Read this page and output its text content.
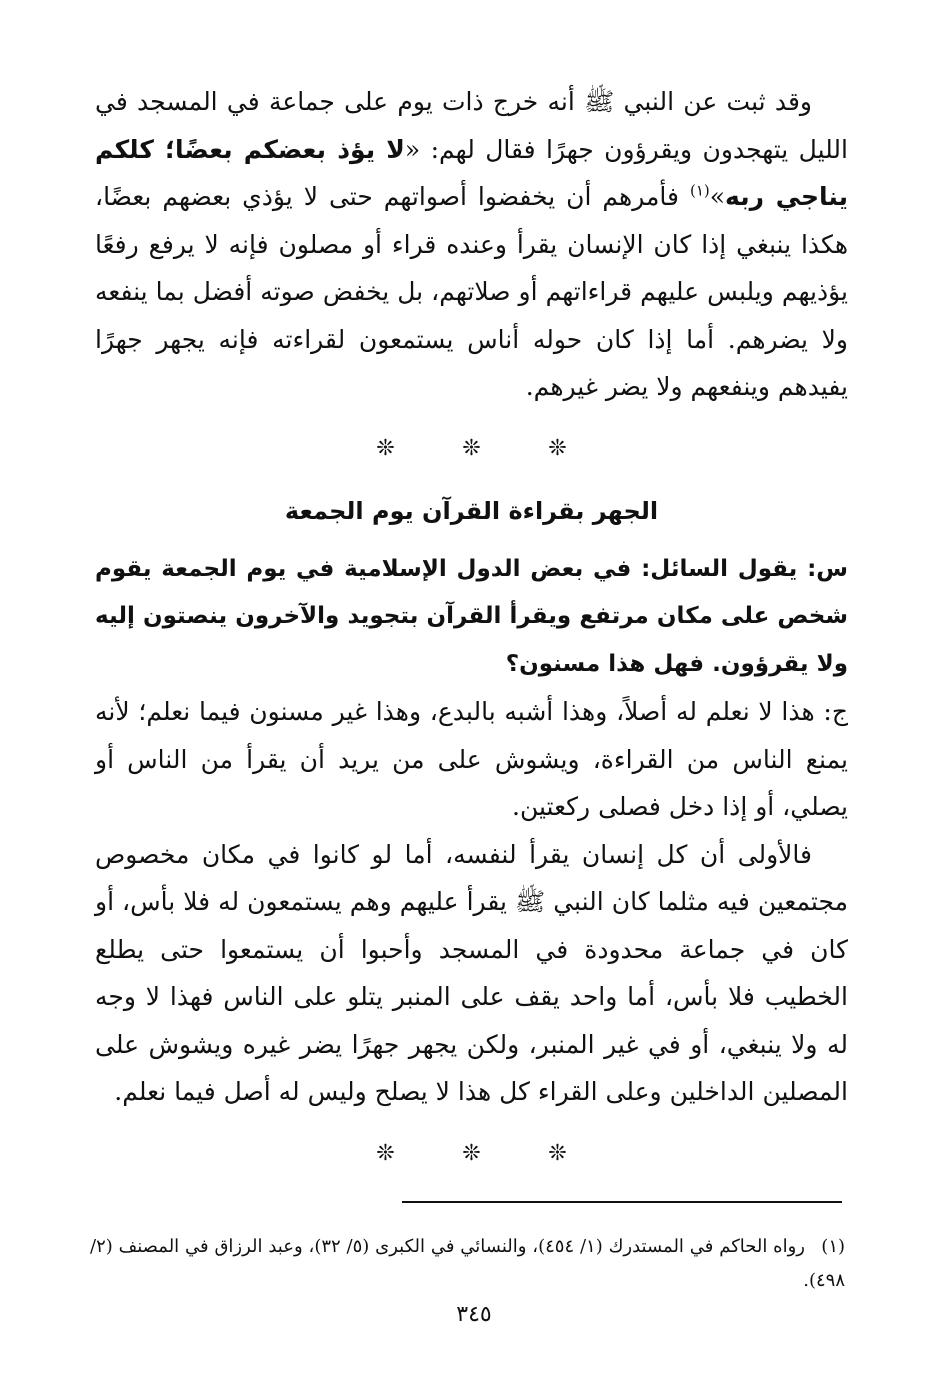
وقد ثبت عن النبي ﷺ أنه خرج ذات يوم على جماعة في المسجد في الليل يتهجدون ويقرؤون جهرًا فقال لهم: «لا يؤذ بعضكم بعضًا؛ كلكم يناجي ربه»$^{(١)}$ فأمرهم أن يخفضوا أصواتهم حتى لا يؤذي بعضهم بعضًا، هكذا ينبغي إذا كان الإنسان يقرأ وعنده قراء أو مصلون فإنه لا يرفع رفعًا يؤذيهم ويلبس عليهم قراءاتهم أو صلاتهم، بل يخفض صوته أفضل بما ينفعه ولا يضرهم. أما إذا كان حوله أناس يستمعون لقراءته فإنه يجهر جهرًا يفيدهم وينفعهم ولا يضر غيرهم.

❊	❊	❊
الجهر بقراءة القرآن يوم الجمعة

س: يقول السائل: في بعض الدول الإسلامية في يوم الجمعة يقوم شخص على مكان مرتفع ويقرأ القرآن بتجويد والآخرون ينصتون إليه ولا يقرؤون. فهل هذا مسنون؟

ج: هذا لا نعلم له أصلاً، وهذا أشبه بالبدع، وهذا غير مسنون فيما نعلم؛ لأنه يمنع الناس من القراءة، ويشوش على من يريد أن يقرأ من الناس أو يصلي، أو إذا دخل فصلى ركعتين.

فالأولى أن كل إنسان يقرأ لنفسه، أما لو كانوا في مكان مخصوص مجتمعين فيه مثلما كان النبي ﷺ يقرأ عليهم وهم يستمعون له فلا بأس، أو كان في جماعة محدودة في المسجد وأحبوا أن يستمعوا حتى يطلع الخطيب فلا بأس، أما واحد يقف على المنبر يتلو على الناس فهذا لا وجه له ولا ينبغي، أو في غير المنبر، ولكن يجهر جهرًا يضر غيره ويشوش على المصلين الداخلين وعلى القراء كل هذا لا يصلح وليس له أصل فيما نعلم.

❊	❊	❊
(١)رواه الحاكم في المستدرك (١/ ٤٥٤)، والنسائي في الكبرى (٥/ ٣٢)، وعبد الرزاق في المصنف (٢/ ٤٩٨).
٣٤٥
